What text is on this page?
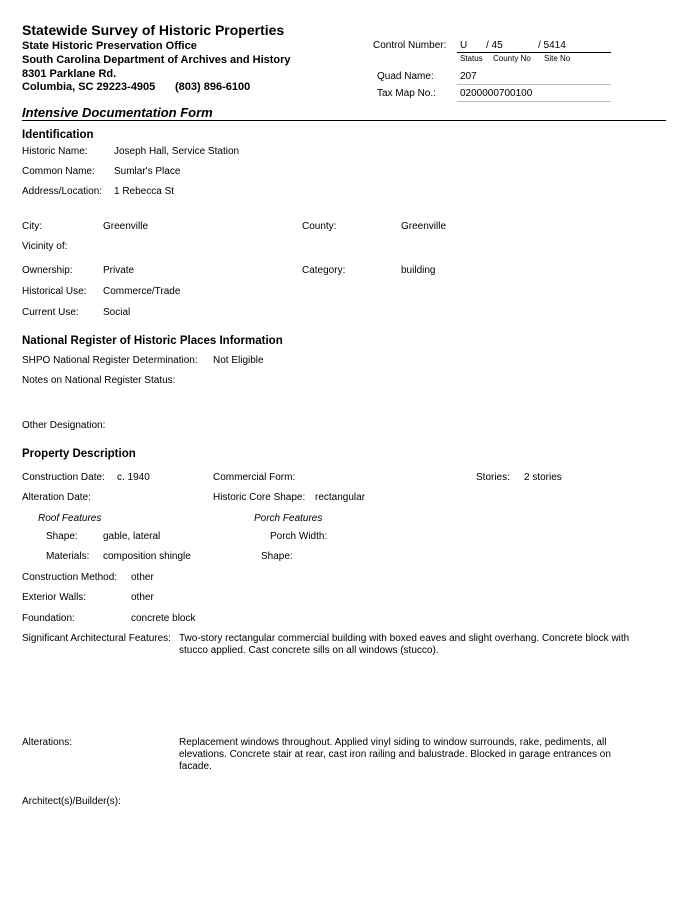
Statewide Survey of Historic Properties
State Historic Preservation Office
South Carolina Department of Archives and History
8301 Parklane Rd.
Columbia, SC 29223-4905 (803) 896-6100
Control Number: U / 45	/ 5414
Status County No Site No
Quad Name:	207
Tax Map No.: 0200000700100
Intensive Documentation Form
Identification
Historic Name:	Joseph Hall, Service Station
Common Name: Sumlar's Place
Address/Location: 1 Rebecca St
City:	Greenville	County:	Greenville
Vicinity of:
Ownership:	Private	Category:	building
Historical Use: Commerce/Trade
Current Use: Social
National Register of Historic Places Information
SHPO National Register Determination: Not Eligible
Notes on National Register Status:
Other Designation:
Property Description
Construction Date: c. 1940	Commercial Form:	Stories: 2 stories
Alteration Date:	Historic Core Shape: rectangular
Roof Features	Porch Features
Shape:	gable, lateral	Porch Width:
Materials: composition shingle	Shape:
Construction Method: other
Exterior Walls:	other
Foundation:	concrete block
Significant Architectural Features: Two-story rectangular commercial building with boxed eaves and slight overhang. Concrete block with stucco applied. Cast concrete sills on all windows (stucco).
Alterations:	Replacement windows throughout. Applied vinyl siding to window surrounds, rake, pediments, all elevations. Concrete stair at rear, cast iron railing and balustrade. Blocked in garage entrances on facade.
Architect(s)/Builder(s):
